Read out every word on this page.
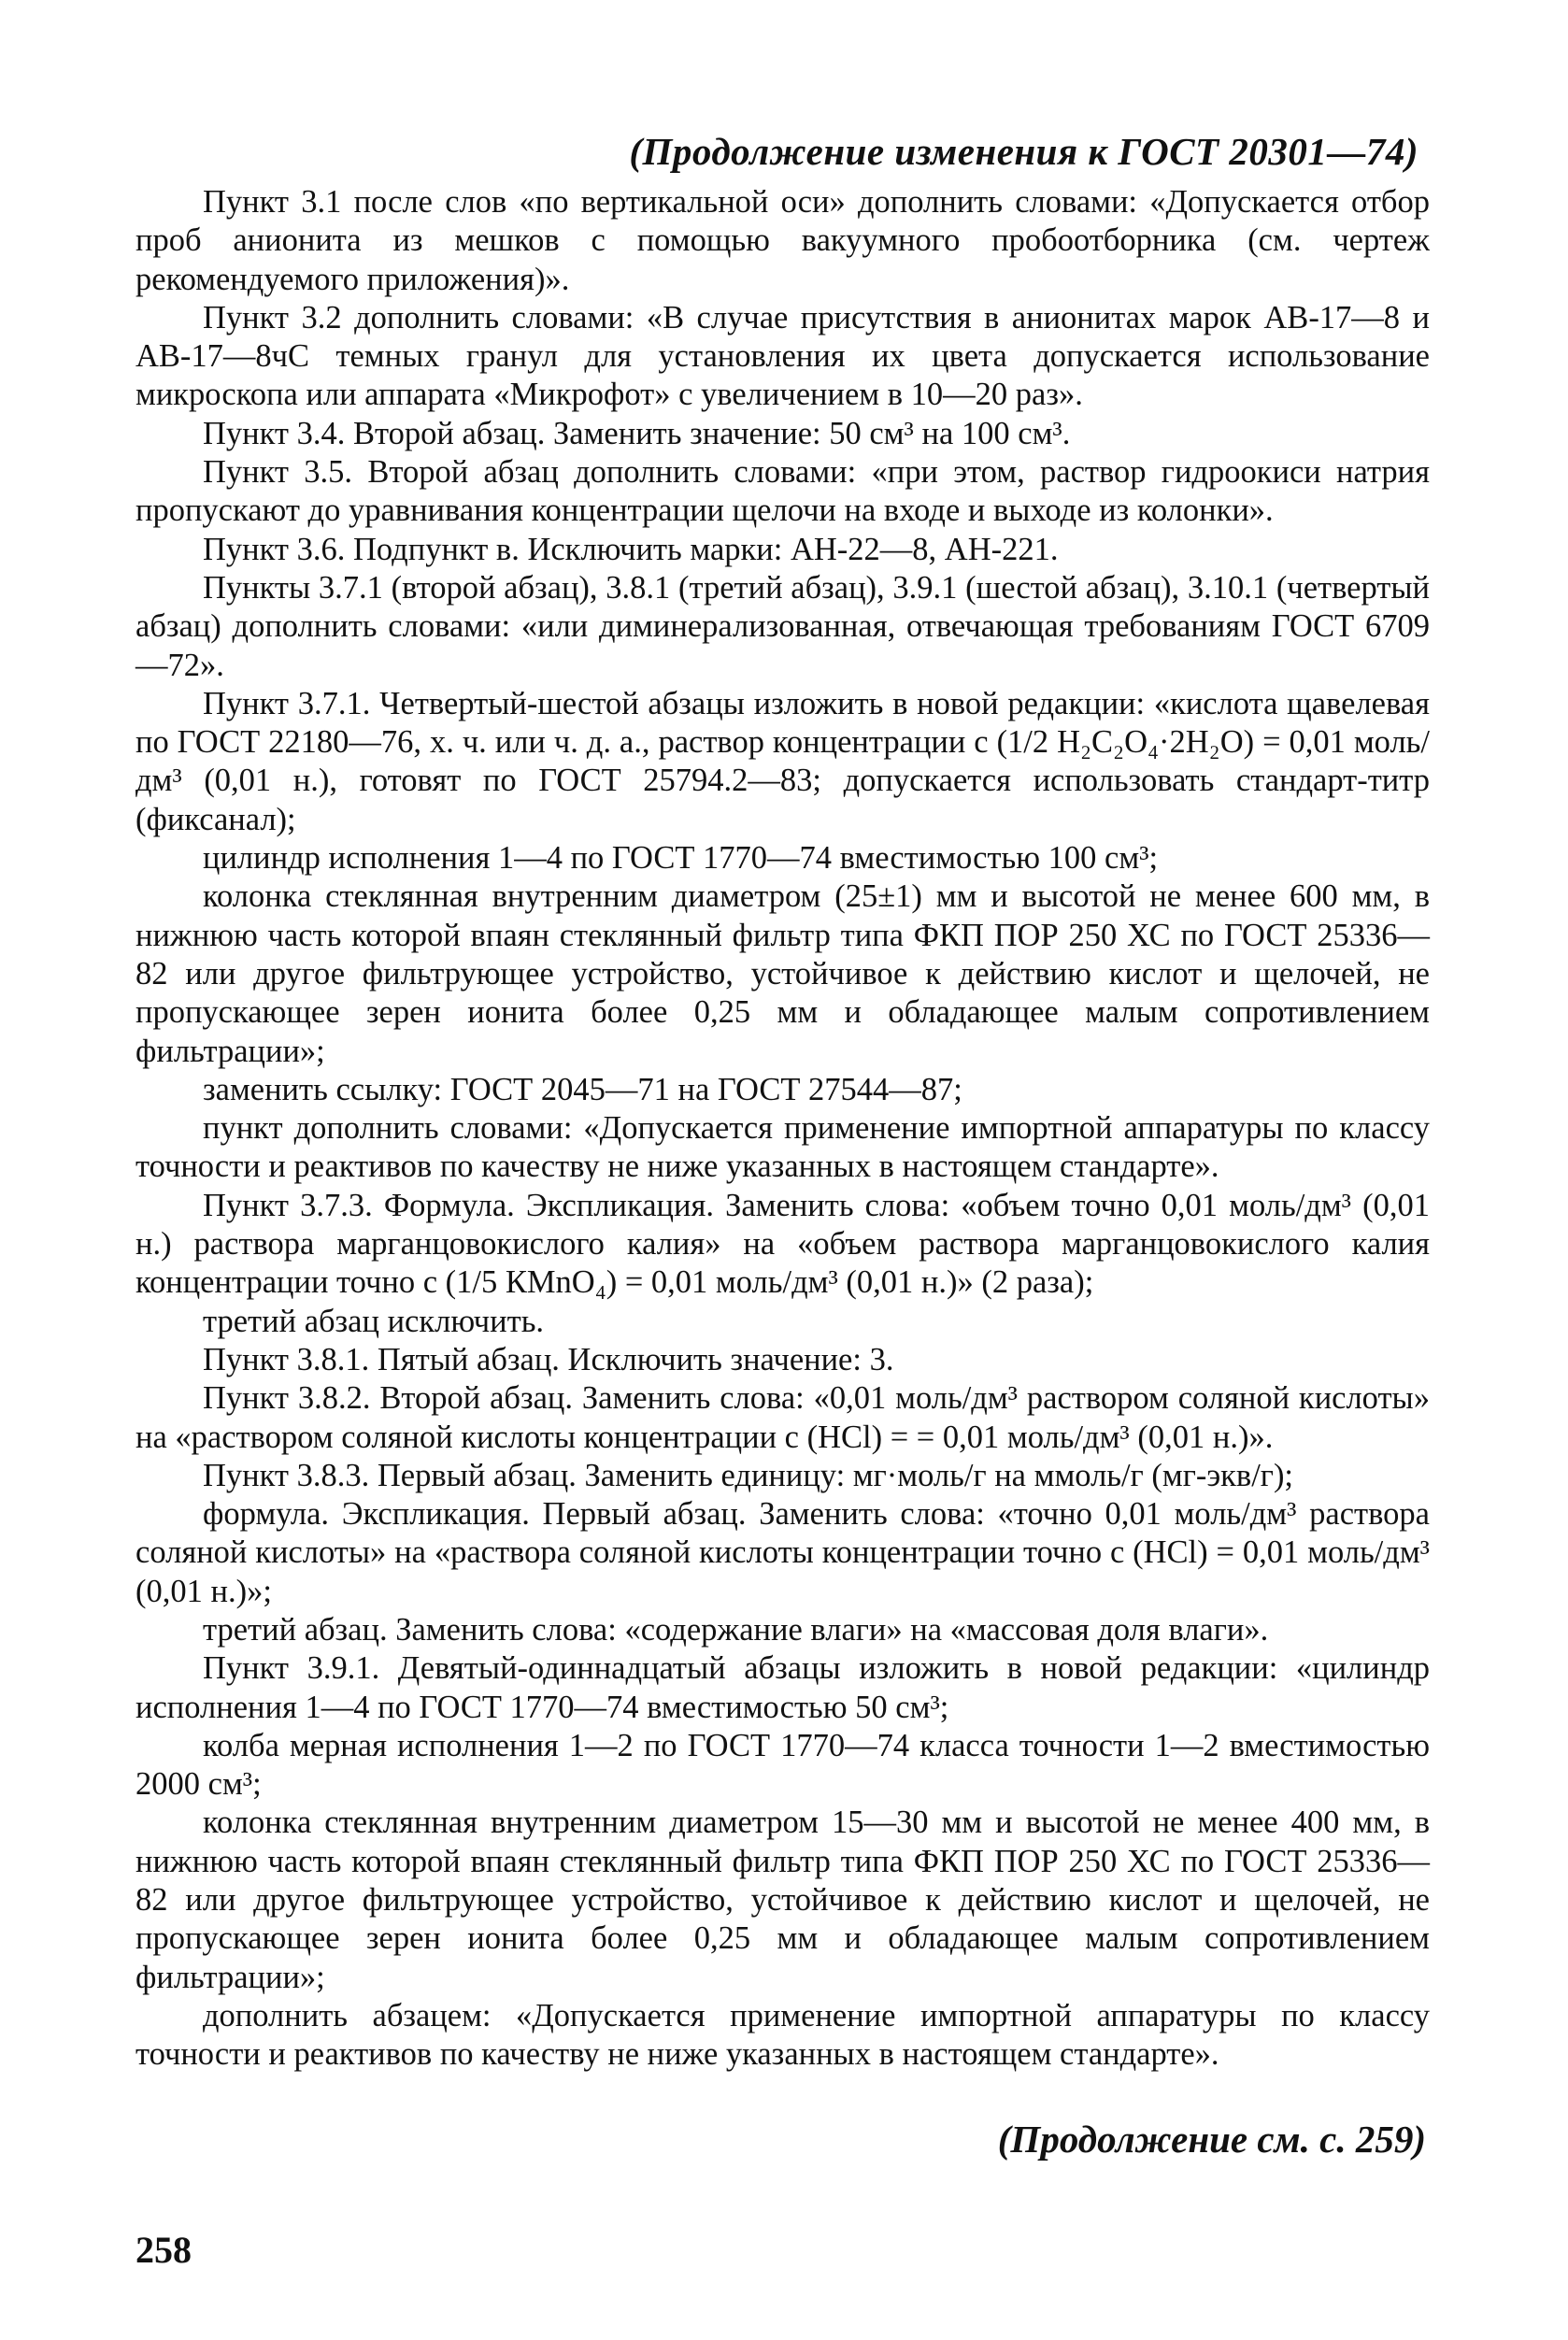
(Продолжение изменения к ГОСТ 20301—74)

Пункт 3.1 после слов «по вертикальной оси» дополнить словами: «Допускается отбор проб анионита из мешков с помощью вакуумного пробоотборника (см. чертеж рекомендуемого приложения)».

Пункт 3.2 дополнить словами: «В случае присутствия в анионитах марок АВ-17—8 и АВ-17—8чС темных гранул для установления их цвета допускается использование микроскопа или аппарата «Микрофот» с увеличением в 10—20 раз».

Пункт 3.4. Второй абзац. Заменить значение: 50 см³ на 100 см³.

Пункт 3.5. Второй абзац дополнить словами: «при этом, раствор гидроокиси натрия пропускают до уравнивания концентрации щелочи на входе и выходе из колонки».

Пункт 3.6. Подпункт в. Исключить марки: АН-22—8, АН-221.

Пункты 3.7.1 (второй абзац), 3.8.1 (третий абзац), 3.9.1 (шестой абзац), 3.10.1 (четвертый абзац) дополнить словами: «или диминерализованная, отвечающая требованиям ГОСТ 6709—72».

Пункт 3.7.1. Четвертый-шестой абзацы изложить в новой редакции: «кислота щавелевая по ГОСТ 22180—76, х. ч. или ч. д. а., раствор концентрации с (1/2 H₂C₂O₄·2H₂O) = 0,01 моль/дм³ (0,01 н.), готовят по ГОСТ 25794.2—83; допускается использовать стандарт-титр (фиксанал);

цилиндр исполнения 1—4 по ГОСТ 1770—74 вместимостью 100 см³;

колонка стеклянная внутренним диаметром (25±1) мм и высотой не менее 600 мм, в нижнюю часть которой впаян стеклянный фильтр типа ФКП ПОР 250 ХС по ГОСТ 25336—82 или другое фильтрующее устройство, устойчивое к действию кислот и щелочей, не пропускающее зерен ионита более 0,25 мм и обладающее малым сопротивлением фильтрации»;

заменить ссылку: ГОСТ 2045—71 на ГОСТ 27544—87;

пункт дополнить словами: «Допускается применение импортной аппаратуры по классу точности и реактивов по качеству не ниже указанных в настоящем стандарте».

Пункт 3.7.3. Формула. Экспликация. Заменить слова: «объем точно 0,01 моль/дм³ (0,01 н.) раствора марганцовокислого калия» на «объем раствора марганцовокислого калия концентрации точно с (1/5 КMnO₄) = 0,01 моль/дм³ (0,01 н.)» (2 раза);

третий абзац исключить.

Пункт 3.8.1. Пятый абзац. Исключить значение: 3.

Пункт 3.8.2. Второй абзац. Заменить слова: «0,01 моль/дм³ раствором соляной кислоты» на «раствором соляной кислоты концентрации с (HCl) = = 0,01 моль/дм³ (0,01 н.)».

Пункт 3.8.3. Первый абзац. Заменить единицу: мг·моль/г на ммоль/г (мг-экв/г);

формула. Экспликация. Первый абзац. Заменить слова: «точно 0,01 моль/дм³ раствора соляной кислоты» на «раствора соляной кислоты концентрации точно с (HCl) = 0,01 моль/дм³ (0,01 н.)»;

третий абзац. Заменить слова: «содержание влаги» на «массовая доля влаги».

Пункт 3.9.1. Девятый-одиннадцатый абзацы изложить в новой редакции: «цилиндр исполнения 1—4 по ГОСТ 1770—74 вместимостью 50 см³;

колба мерная исполнения 1—2 по ГОСТ 1770—74 класса точности 1—2 вместимостью 2000 см³;

колонка стеклянная внутренним диаметром 15—30 мм и высотой не менее 400 мм, в нижнюю часть которой впаян стеклянный фильтр типа ФКП ПОР 250 ХС по ГОСТ 25336—82 или другое фильтрующее устройство, устойчивое к действию кислот и щелочей, не пропускающее зерен ионита более 0,25 мм и обладающее малым сопротивлением фильтрации»;

дополнить абзацем: «Допускается применение импортной аппаратуры по классу точности и реактивов по качеству не ниже указанных в настоящем стандарте».

(Продолжение см. с. 259)
258
